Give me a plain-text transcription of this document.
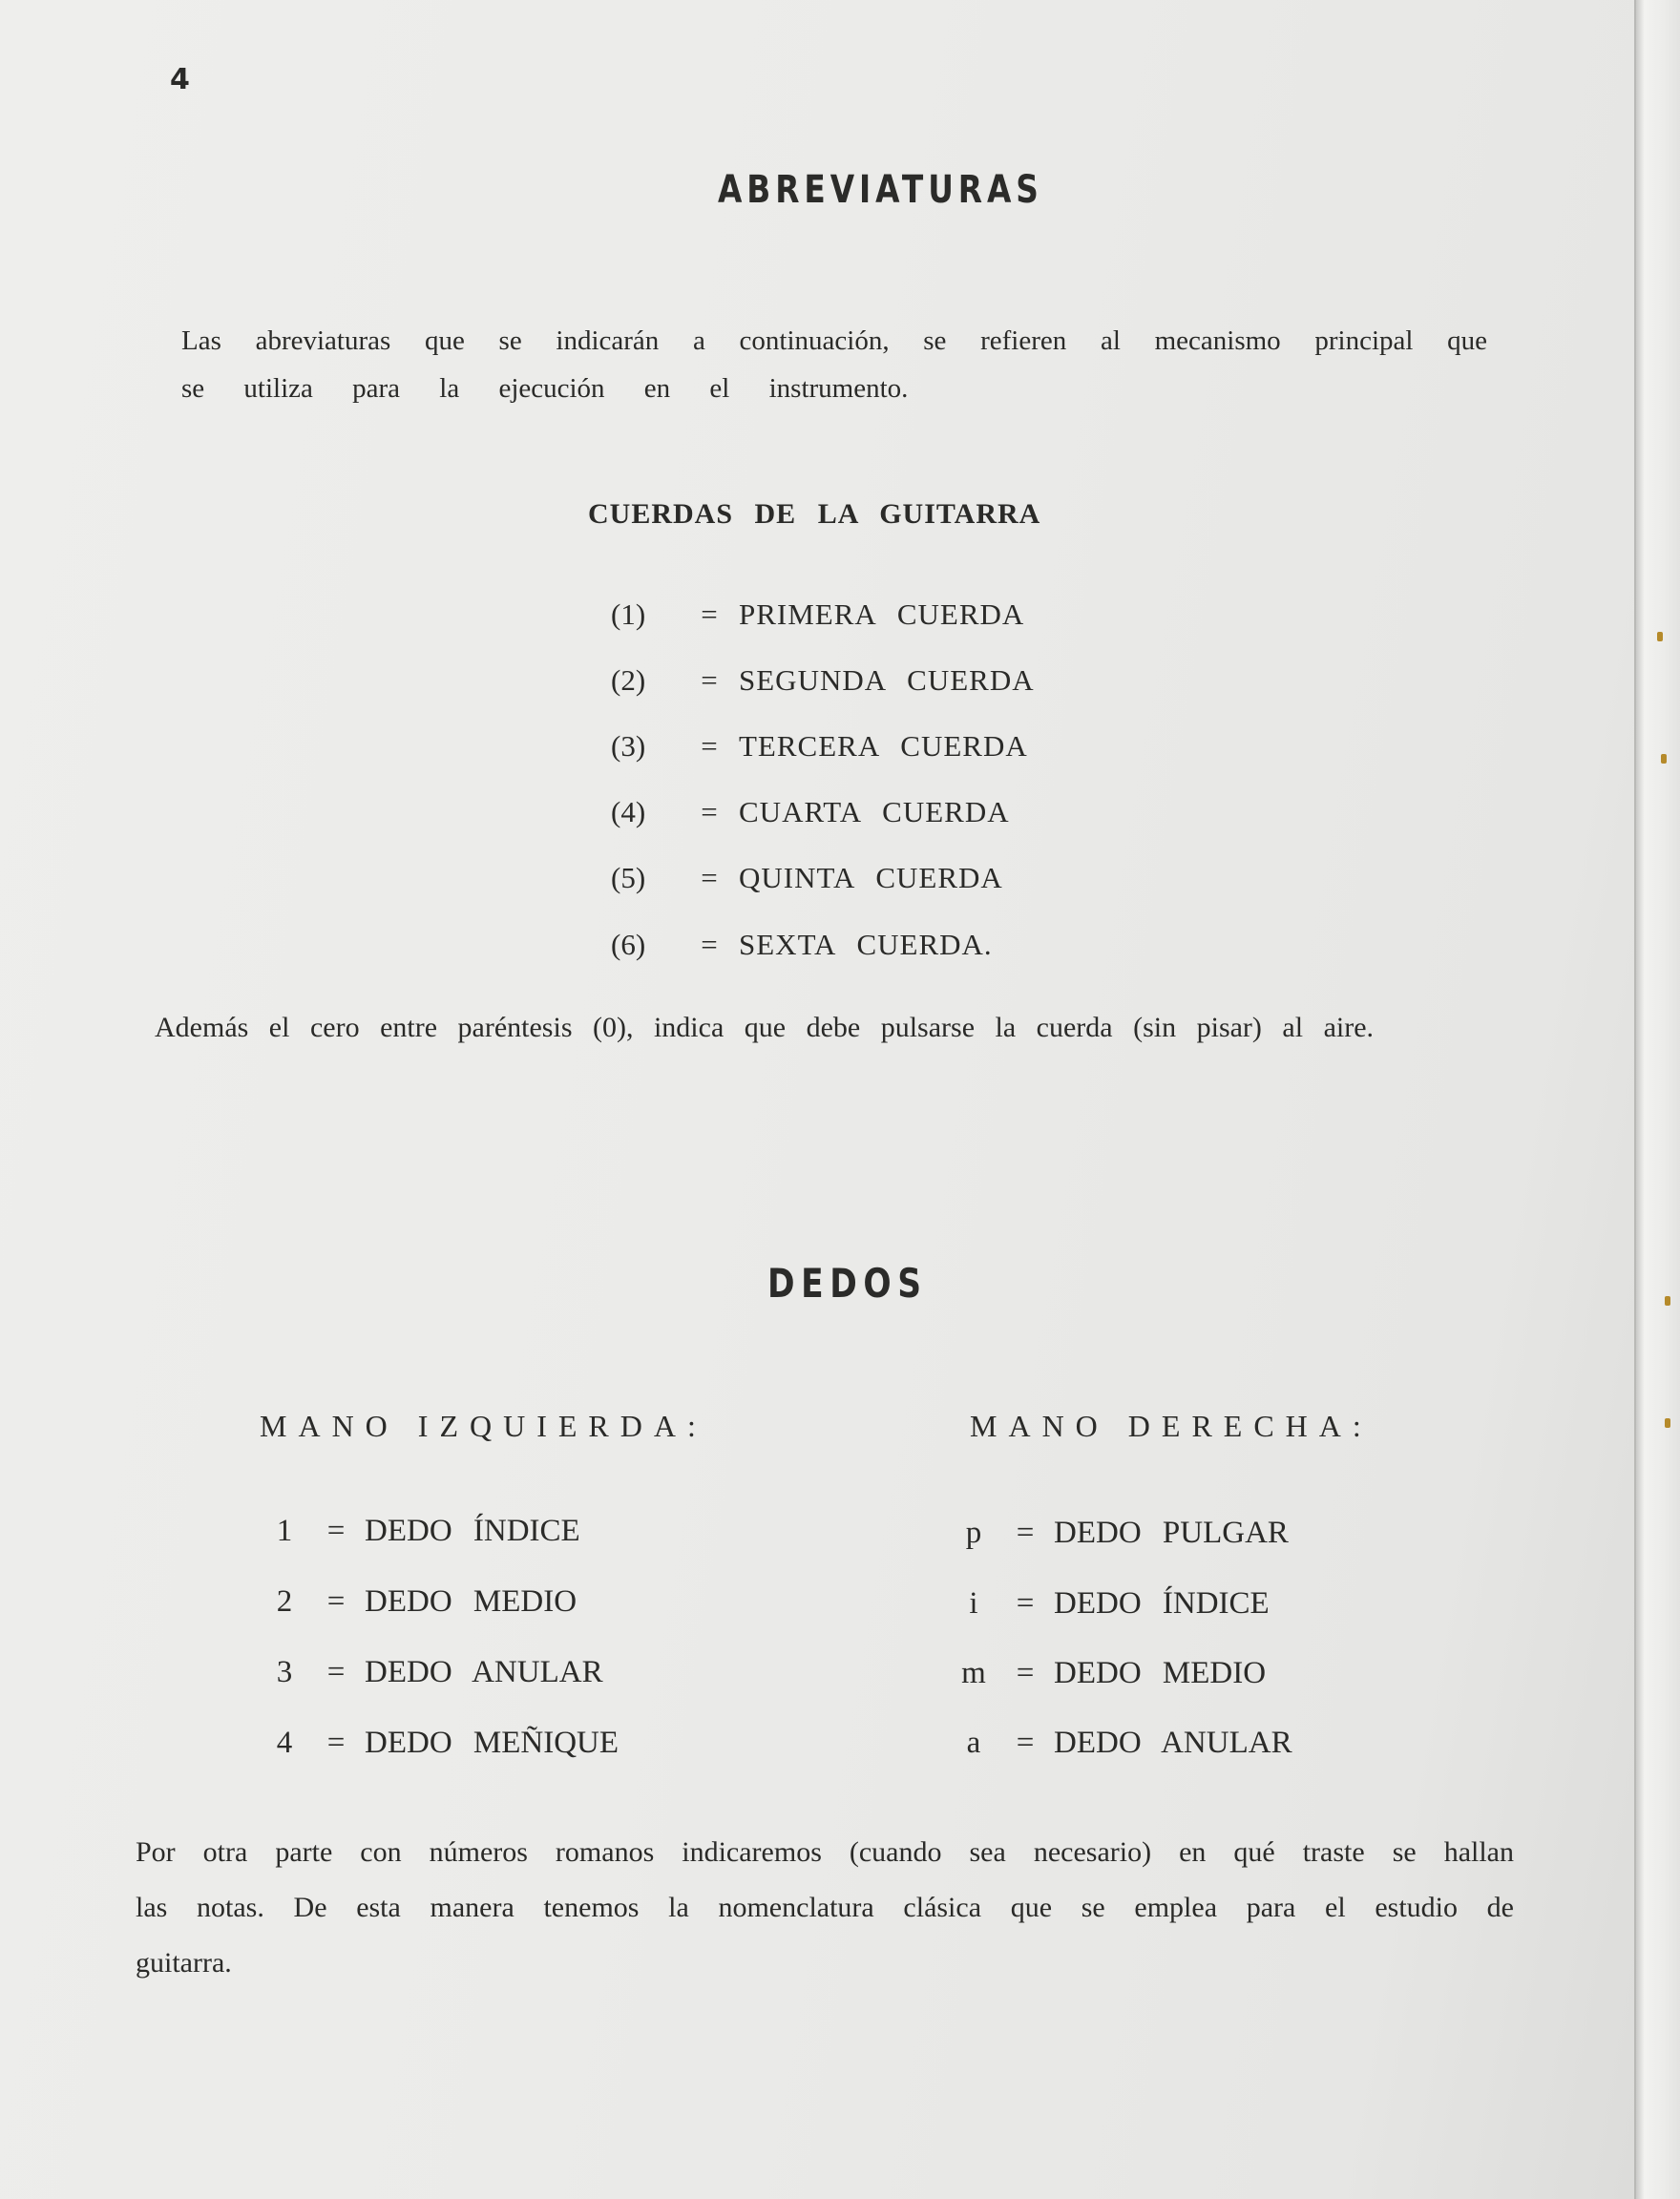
4
ABREVIATURAS
Las abreviaturas que se indicarán a continuación, se refieren al mecanismo principal que
se utiliza para la ejecución en el instrumento.
CUERDAS DE LA GUITARRA
(1) = PRIMERA CUERDA
(2) = SEGUNDA CUERDA
(3) = TERCERA CUERDA
(4) = CUARTA CUERDA
(5) = QUINTA CUERDA
(6) = SEXTA CUERDA.
Además el cero entre paréntesis (0), indica que debe pulsarse la cuerda (sin pisar) al aire.
DEDOS
MANO IZQUIERDA:	MANO DERECHA:
1 = DEDO ÍNDICE
2 = DEDO MEDIO
3 = DEDO ANULAR
4 = DEDO MEÑIQUE
p = DEDO PULGAR
i = DEDO ÍNDICE
m = DEDO MEDIO
a = DEDO ANULAR

Por otra parte con números romanos indicaremos (cuando sea necesario) en qué traste se hallan

las notas. De esta manera tenemos la nomenclatura clásica que se emplea para el estudio de

guitarra.
